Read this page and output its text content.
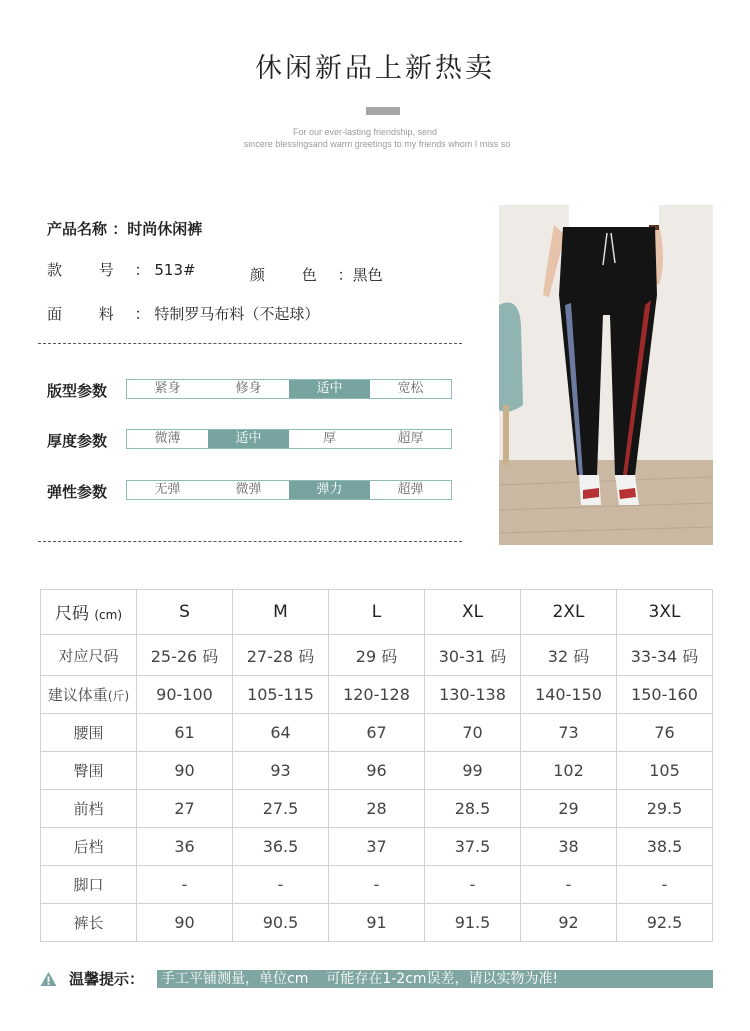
休闲新品上新热卖
For our ever-lasting friendship, send
sincere blessingsand warm greetings to my friends whom I miss so
产品名称 ：时尚休闲裤
款 号 ： 513#	颜 色 ：黑色
面 料 ： 特制罗马布料（不起球）
版型参数	紧身	修身	适中	宽松
厚度参数	微薄	适中	厚	超厚
弹性参数	无弹	微弹	弹力	超弹
尺码 (cm)	S	M	L	XL	2XL	3XL
对应尺码	25-26 码	27-28 码	29 码	30-31 码	32 码	33-34 码
建议体重(斤)	90-100	105-115	120-128	130-138	140-150	150-160
腰围	61	64	67	70	73	76
臀围	90	93	96	99	102	105
前档	27	27.5	28	28.5	29	29.5
后档	36	36.5	37	37.5	38	38.5
脚口	-	-	-	-	-	-
裤长	90	90.5	91	91.5	92	92.5
温馨提示： 手工平铺测量，单位cm 可能存在1-2cm误差，请以实物为准!
